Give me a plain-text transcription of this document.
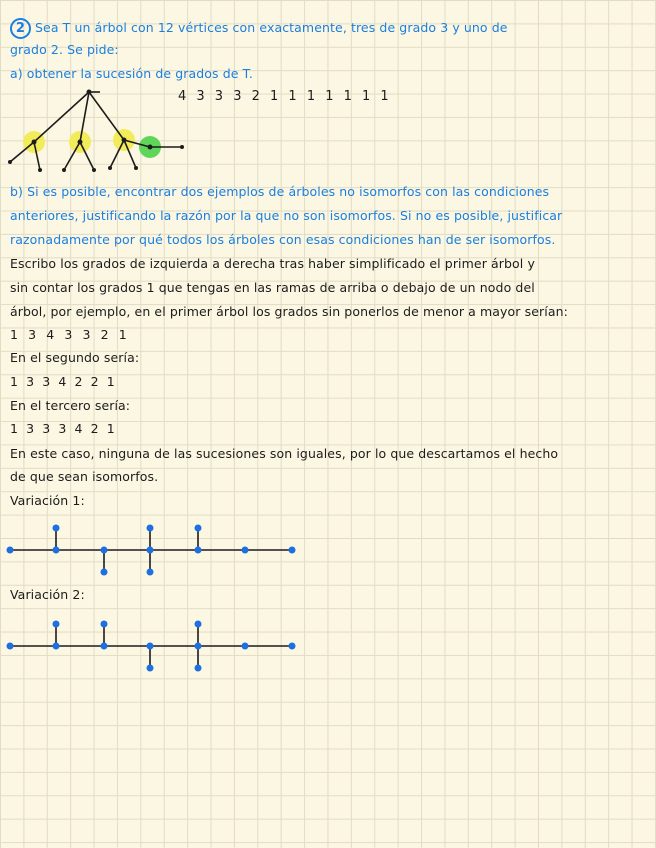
2 Sea T un árbol con 12 vértices con exactamente, tres de grado 3 y uno de
grado 2. Se pide:
a) obtener la sucesión de grados de T.
4 3 3 3 2 1 1 1 1 1 1 1
b) Si es posible, encontrar dos ejemplos de árboles no isomorfos con las condiciones
anteriores, justificando la razón por la que no son isomorfos. Si no es posible, justificar
razonadamente por qué todos los árboles con esas condiciones han de ser isomorfos.
Escribo los grados de izquierda a derecha tras haber simplificado el primer árbol y
sin contar los grados 1 que tengas en las ramas de arriba o debajo de un nodo del
árbol, por ejemplo, en el primer árbol los grados sin ponerlos de menor a mayor serían:
1 3 4 3 3 2 1
En el segundo sería:
1 3 3 4 2 2 1
En el tercero sería:
1 3 3 3 4 2 1
En este caso, ninguna de las sucesiones son iguales, por lo que descartamos el hecho
de que sean isomorfos.
Variación 1:
Variación 2:
